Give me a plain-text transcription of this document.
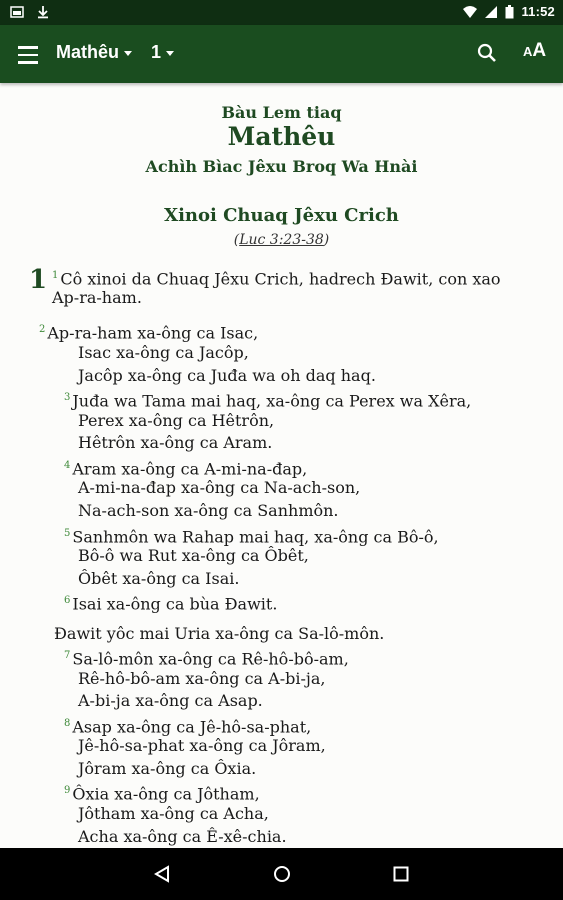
11:52
Mathêu 1	AA
Bàu Lem tiaq
Mathêu
Achìh Bìac Jêxu Broq Wa Hnài
Xinoi Chuaq Jêxu Crich
(Luc 3:23-38)
1 $^1$ Cô xinoi da Chuaq Jêxu Crich, hadrech Đawit, con xao
Ap-ra-ham.
$^2$ Ap-ra-ham xa-ông ca Isac,
Isac xa-ông ca Jacôp,
Jacôp xa-ông ca Juđa wa oh daq haq.
$^3$ Juđa wa Tama mai haq, xa-ông ca Perex wa Xêra,
Perex xa-ông ca Hêtrôn,
Hêtrôn xa-ông ca Aram.
$^4$ Aram xa-ông ca A-mi-na-đap,
A-mi-na-đap xa-ông ca Na-ach-son,
Na-ach-son xa-ông ca Sanhmôn.
$^5$ Sanhmôn wa Rahap mai haq, xa-ông ca Bô-ô,
Bô-ô wa Rut xa-ông ca Ôbêt,
Ôbêt xa-ông ca Isai.
$^6$ Isai xa-ông ca bùa Đawit.
Đawit yôc mai Uria xa-ông ca Sa-lô-môn.
$^7$ Sa-lô-môn xa-ông ca Rê-hô-bô-am,
Rê-hô-bô-am xa-ông ca A-bi-ja,
A-bi-ja xa-ông ca Asap.
$^8$ Asap xa-ông ca Jê-hô-sa-phat,
Jê-hô-sa-phat xa-ông ca Jôram,
Jôram xa-ông ca Ôxia.
$^9$ Ôxia xa-ông ca Jôtham,
Jôtham xa-ông ca Acha,
Acha xa-ông ca Ê-xê-chia.
